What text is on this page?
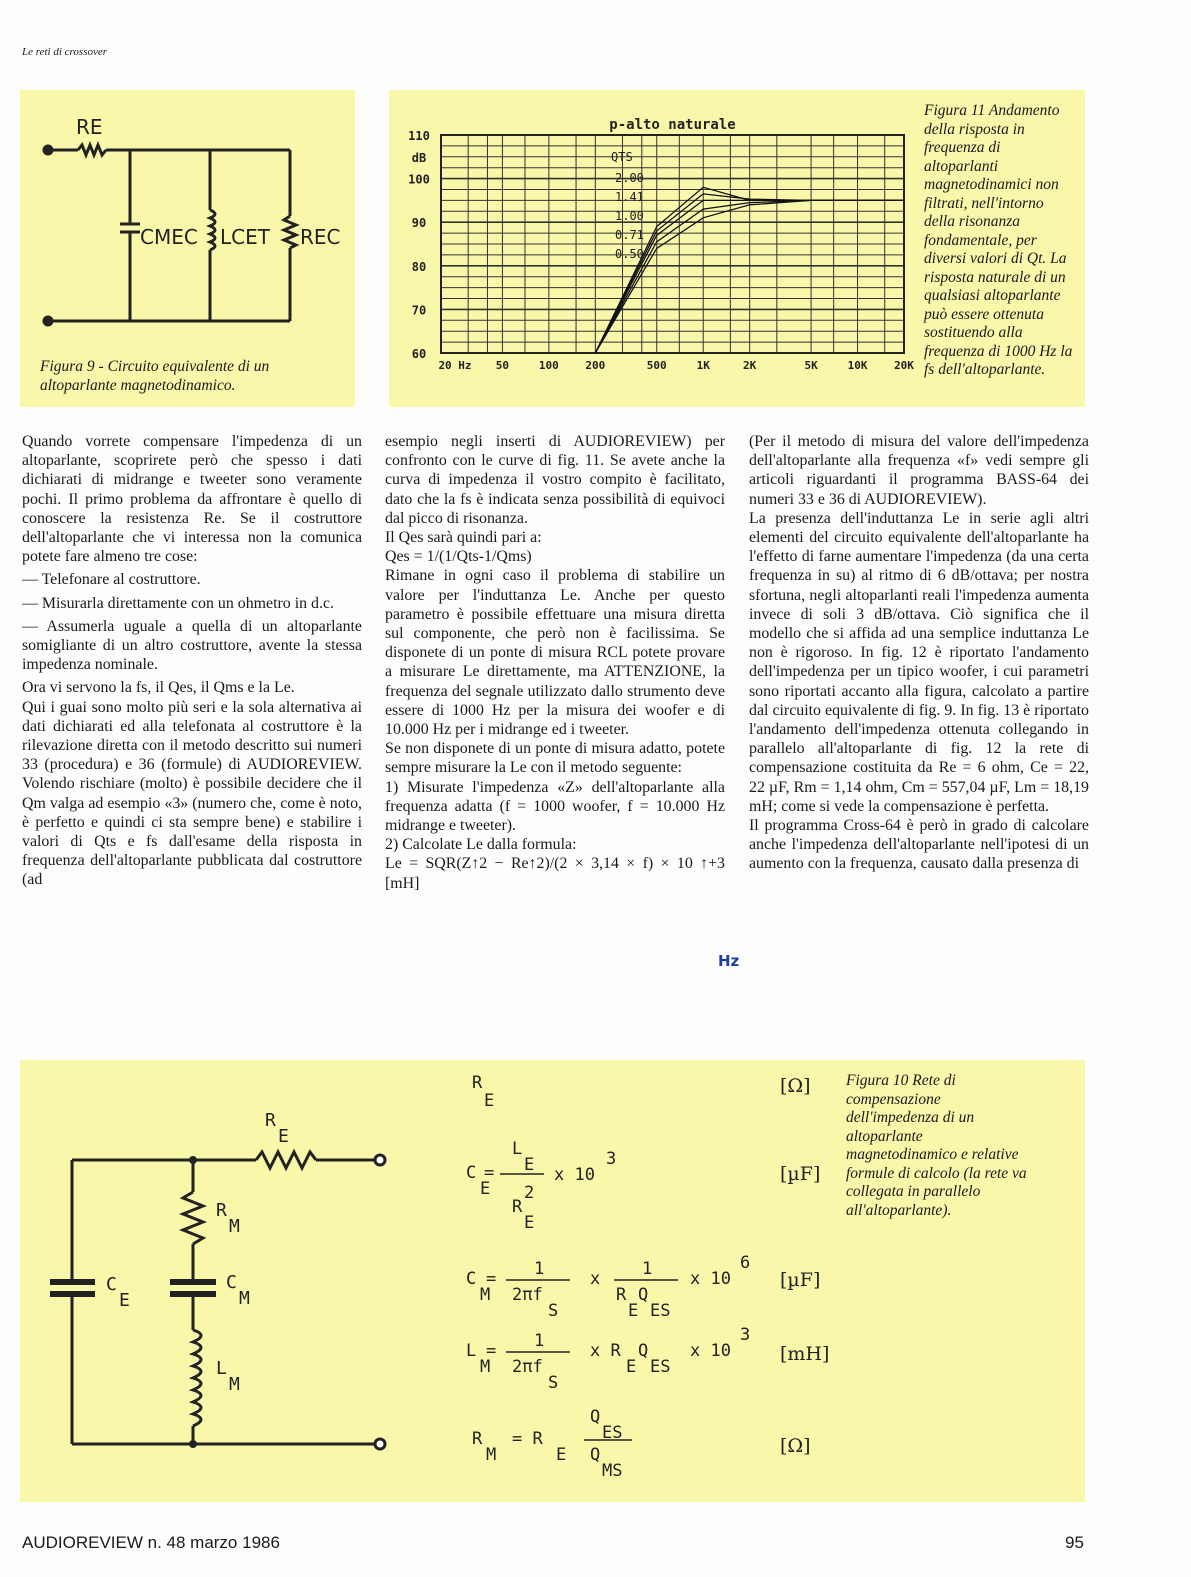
Le reti di crossover
RE
CMEC LCET REC
Figura 9 - Circuito equivalente di un altoparlante magnetodinamico.
p-alto naturale
110
100
90
80
70
60
dB
20 Hz 50	100 200	500	1K	2K	5K	10K 20K
QTS
2.00
1.41
1.00
0.71
0.50
Figura 11 Andamento della risposta in frequenza di altoparlanti magnetodinamici non filtrati, nell'intorno della risonanza fondamentale, per diversi valori di Qt. La risposta naturale di un qualsiasi altoparlante può essere ottenuta sostituendo alla frequenza di 1000 Hz la fs dell'altoparlante.

Quando vorrete compensare l'impedenza di un altoparlante, scoprirete però che spesso i dati dichiarati di midrange e tweeter sono veramente pochi. Il primo problema da affrontare è quello di conoscere la resistenza Re. Se il costruttore dell'altoparlante che vi interessa non la comunica potete fare almeno tre cose:

— Telefonare al costruttore.

— Misurarla direttamente con un ohmetro in d.c.

— Assumerla uguale a quella di un altoparlante somigliante di un altro costruttore, avente la stessa impedenza nominale.

Ora vi servono la fs, il Qes, il Qms e la Le.

Qui i guai sono molto più seri e la sola alternativa ai dati dichiarati ed alla telefonata al costruttore è la rilevazione diretta con il metodo descritto sui numeri 33 (procedura) e 36 (formule) di AUDIOREVIEW. Volendo rischiare (molto) è possibile decidere che il Qm valga ad esempio «3» (numero che, come è noto, è perfetto e quindi ci sta sempre bene) e stabilire i valori di Qts e fs dall'esame della risposta in frequenza dell'altoparlante pubblicata dal costruttore (ad

esempio negli inserti di AUDIOREVIEW) per confronto con le curve di fig. 11. Se avete anche la curva di impedenza il vostro compito è facilitato, dato che la fs è indicata senza possibilità di equivoci dal picco di risonanza.

Il Qes sarà quindi pari a:

Qes = 1/(1/Qts-1/Qms)

Rimane in ogni caso il problema di stabilire un valore per l'induttanza Le. Anche per questo parametro è possibile effettuare una misura diretta sul componente, che però non è facilissima. Se disponete di un ponte di misura RCL potete provare a misurare Le direttamente, ma ATTENZIONE, la frequenza del segnale utilizzato dallo strumento deve essere di 1000 Hz per la misura dei woofer e di 10.000 Hz per i midrange ed i tweeter.

Se non disponete di un ponte di misura adatto, potete sempre misurare la Le con il metodo seguente:

1) Misurate l'impedenza «Z» dell'altoparlante alla frequenza adatta (f = 1000 woofer, f = 10.000 Hz midrange e tweeter).

2) Calcolate Le dalla formula:

Le = SQR(Z↑2 − Re↑2)/(2 × 3,14 × f) × 10 ↑+3 [mH]

Hz

(Per il metodo di misura del valore dell'impedenza dell'altoparlante alla frequenza «f» vedi sempre gli articoli riguardanti il programma BASS-64 dei numeri 33 e 36 di AUDIOREVIEW).

La presenza dell'induttanza Le in serie agli altri elementi del circuito equivalente dell'altoparlante ha l'effetto di farne aumentare l'impedenza (da una certa frequenza in su) al ritmo di 6 dB/ottava; per nostra sfortuna, negli altoparlanti reali l'impedenza aumenta invece di soli 3 dB/ottava. Ciò significa che il modello che si affida ad una semplice induttanza Le non è rigoroso. In fig. 12 è riportato l'andamento dell'impedenza per un tipico woofer, i cui parametri sono riportati accanto alla figura, calcolato a partire dal circuito equivalente di fig. 9. In fig. 13 è riportato l'andamento dell'impedenza ottenuta collegando in parallelo all'altoparlante di fig. 12 la rete di compensazione costituita da Re = 6 ohm, Ce = 22, 22 µF, Rm = 1,14 ohm, Cm = 557,04 µF, Lm = 18,19 mH; come si vede la compensazione è perfetta.

Il programma Cross-64 è però in grado di calcolare anche l'impedenza dell'altoparlante nell'ipotesi di un aumento con la frequenza, causato dalla presenza di

R
E
R
M
C
E
C
M
L
M
R
E
C
E
=
L
E
2
R
E
x 10
3
C
M
= 1
2πf
S
x 1
R
E
Q
ES
x 10
6
L
M
= 1
2πf
S
x R
E
Q
ES
x 10
3
R
M
= R
E
Q
ES
Q
MS
[Ω]
[µF]
[µF]
[mH]
[Ω]
Figura 10 Rete di compensazione dell'impedenza di un altoparlante magnetodinamico e relative formule di calcolo (la rete va collegata in parallelo all'altoparlante).
AUDIOREVIEW n. 48 marzo 1986	95
